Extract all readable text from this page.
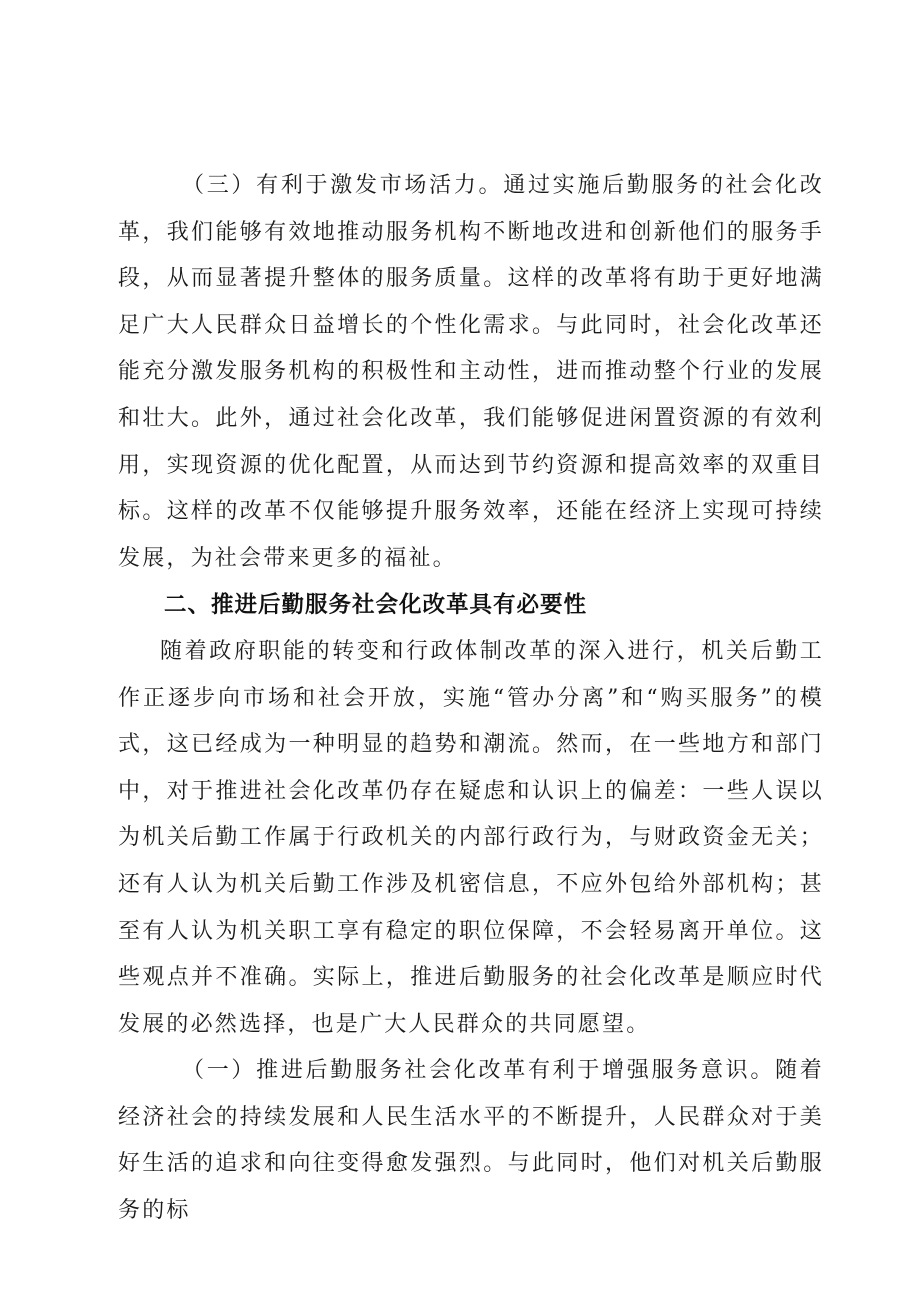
（三）有利于激发市场活力。通过实施后勤服务的社会化改革，我们能够有效地推动服务机构不断地改进和创新他们的服务手段，从而显著提升整体的服务质量。这样的改革将有助于更好地满足广大人民群众日益增长的个性化需求。与此同时，社会化改革还能充分激发服务机构的积极性和主动性，进而推动整个行业的发展和壮大。此外，通过社会化改革，我们能够促进闲置资源的有效利用，实现资源的优化配置，从而达到节约资源和提高效率的双重目标。这样的改革不仅能够提升服务效率，还能在经济上实现可持续发展，为社会带来更多的福祉。

二、推进后勤服务社会化改革具有必要性

随着政府职能的转变和行政体制改革的深入进行，机关后勤工作正逐步向市场和社会开放，实施“管办分离”和“购买服务”的模式，这已经成为一种明显的趋势和潮流。然而，在一些地方和部门中，对于推进社会化改革仍存在疑虑和认识上的偏差：一些人误以为机关后勤工作属于行政机关的内部行政行为，与财政资金无关；还有人认为机关后勤工作涉及机密信息，不应外包给外部机构；甚至有人认为机关职工享有稳定的职位保障，不会轻易离开单位。这些观点并不准确。实际上，推进后勤服务的社会化改革是顺应时代发展的必然选择，也是广大人民群众的共同愿望。

（一）推进后勤服务社会化改革有利于增强服务意识。随着经济社会的持续发展和人民生活水平的不断提升，人民群众对于美好生活的追求和向往变得愈发强烈。与此同时，他们对机关后勤服务的标
